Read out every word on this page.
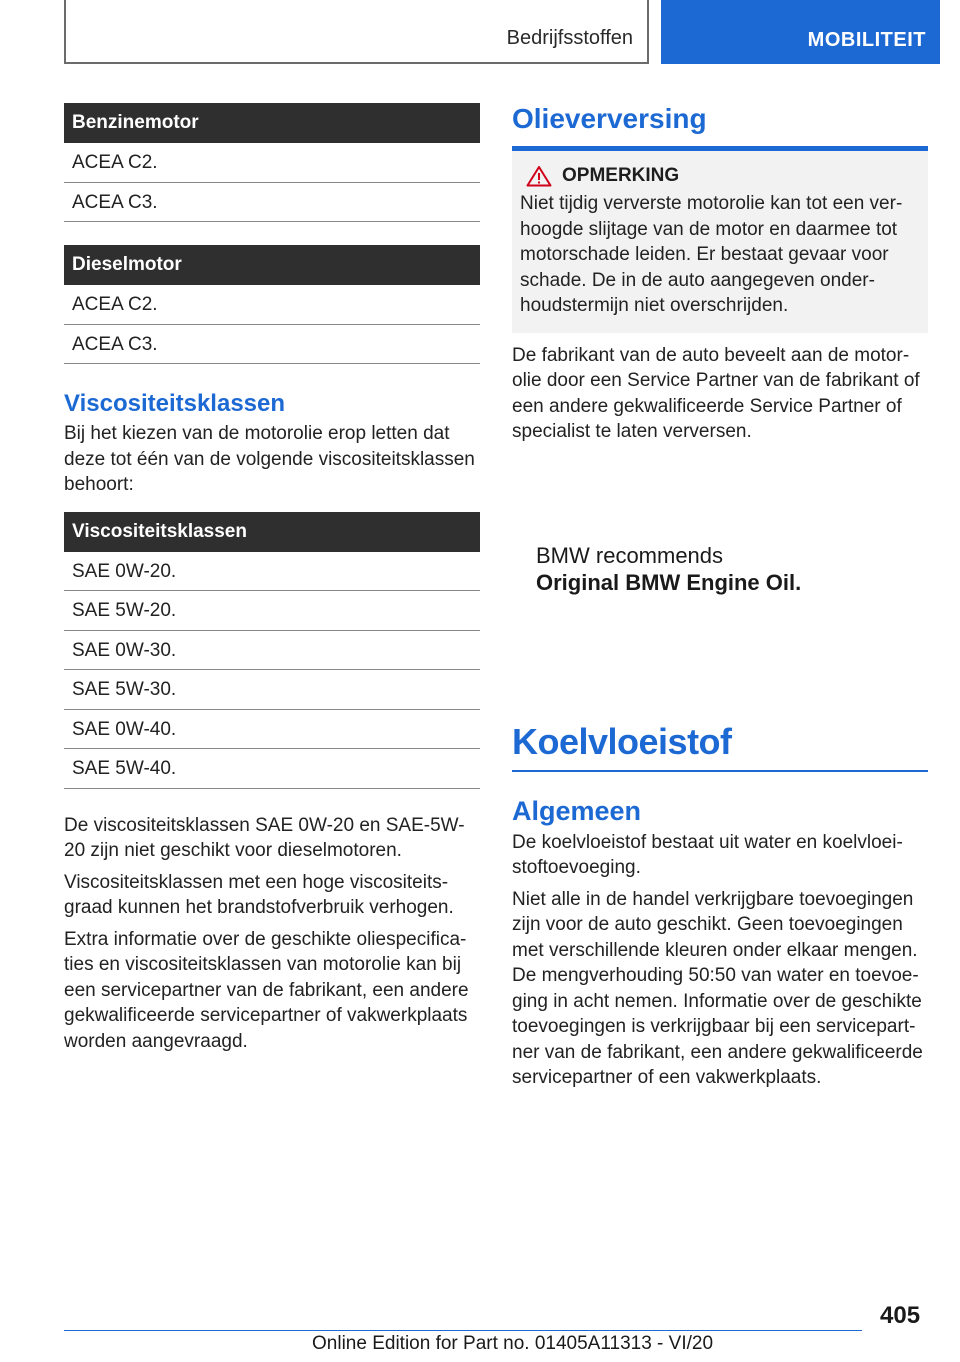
Bedrijfsstoffen	MOBILITEIT
Benzinemotor
ACEA C2.
ACEA C3.
Dieselmotor
ACEA C2.
ACEA C3.
Viscositeitsklassen
Bij het kiezen van de motorolie erop letten dat deze tot één van de volgende viscositeitsklassen behoort:
Viscositeitsklassen
SAE 0W-20.
SAE 5W-20.
SAE 0W-30.
SAE 5W-30.
SAE 0W-40.
SAE 5W-40.
De viscositeitsklassen SAE 0W-20 en SAE-5W-20 zijn niet geschikt voor dieselmotoren.
Viscositeitsklassen met een hoge viscositeitsgraad kunnen het brandstofverbruik verhogen.
Extra informatie over de geschikte oliespecificaties en viscositeitsklassen van motorolie kan bij een servicepartner van de fabrikant, een andere gekwalificeerde servicepartner of vakwerkplaats worden aangevraagd.
Olieverversing
OPMERKING
Niet tijdig ververste motorolie kan tot een verhoogde slijtage van de motor en daarmee tot motorschade leiden. Er bestaat gevaar voor schade. De in de auto aangegeven onderhoudstermijn niet overschrijden.
De fabrikant van de auto beveelt aan de motorolie door een Service Partner van de fabrikant of een andere gekwalificeerde Service Partner of specialist te laten verversen.
BMW recommends
Original BMW Engine Oil.
Koelvloeistof
Algemeen
De koelvloeistof bestaat uit water en koelvloeistoftoevoeging.
Niet alle in de handel verkrijgbare toevoegingen zijn voor de auto geschikt. Geen toevoegingen met verschillende kleuren onder elkaar mengen. De mengverhouding 50:50 van water en toevoeging in acht nemen. Informatie over de geschikte toevoegingen is verkrijgbaar bij een servicepartner van de fabrikant, een andere gekwalificeerde servicepartner of een vakwerkplaats.
405
Online Edition for Part no. 01405A11313 - VI/20
